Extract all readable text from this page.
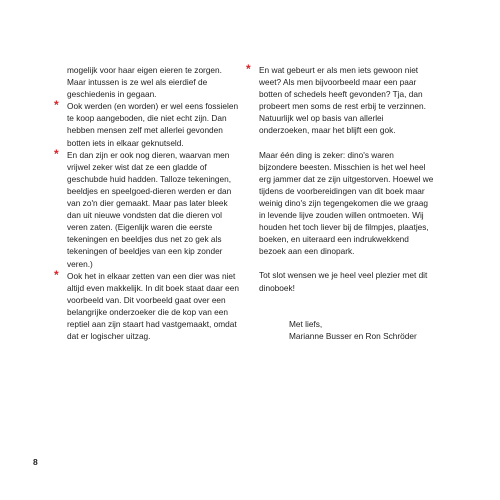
mogelijk voor haar eigen eieren te zorgen. Maar intussen is ze wel als eierdief de geschiedenis in gegaan.

* Ook werden (en worden) er wel eens fossielen te koop aangeboden, die niet echt zijn. Dan hebben mensen zelf met allerlei gevonden botten iets in elkaar geknutseld.

* En dan zijn er ook nog dieren, waarvan men vrijwel zeker wist dat ze een gladde of geschubde huid hadden. Talloze tekeningen, beeldjes en speelgoed-dieren werden er dan van zo'n dier gemaakt. Maar pas later bleek dan uit nieuwe vondsten dat die dieren vol veren zaten. (Eigenlijk waren die eerste tekeningen en beeldjes dus net zo gek als tekeningen of beeldjes van een kip zonder veren.)

* Ook het in elkaar zetten van een dier was niet altijd even makkelijk. In dit boek staat daar een voorbeeld van. Dit voorbeeld gaat over een belangrijke onderzoeker die de kop van een reptiel aan zijn staart had vastgemaakt, omdat dat er logischer uitzag.

* En wat gebeurt er als men iets gewoon niet weet? Als men bijvoorbeeld maar een paar botten of schedels heeft gevonden? Tja, dan probeert men soms de rest erbij te verzinnen. Natuurlijk wel op basis van allerlei onderzoeken, maar het blijft een gok.

Maar één ding is zeker: dino's waren bijzondere beesten. Misschien is het wel heel erg jammer dat ze zijn uitgestorven. Hoewel we tijdens de voorbereidingen van dit boek maar weinig dino's zijn tegengekomen die we graag in levende lijve zouden willen ontmoeten. Wij houden het toch liever bij de filmpjes, plaatjes, boeken, en uiteraard een indrukwekkend bezoek aan een dinopark.

Tot slot wensen we je heel veel plezier met dit dinoboek!

Met liefs,

Marianne Busser en Ron Schröder

8
